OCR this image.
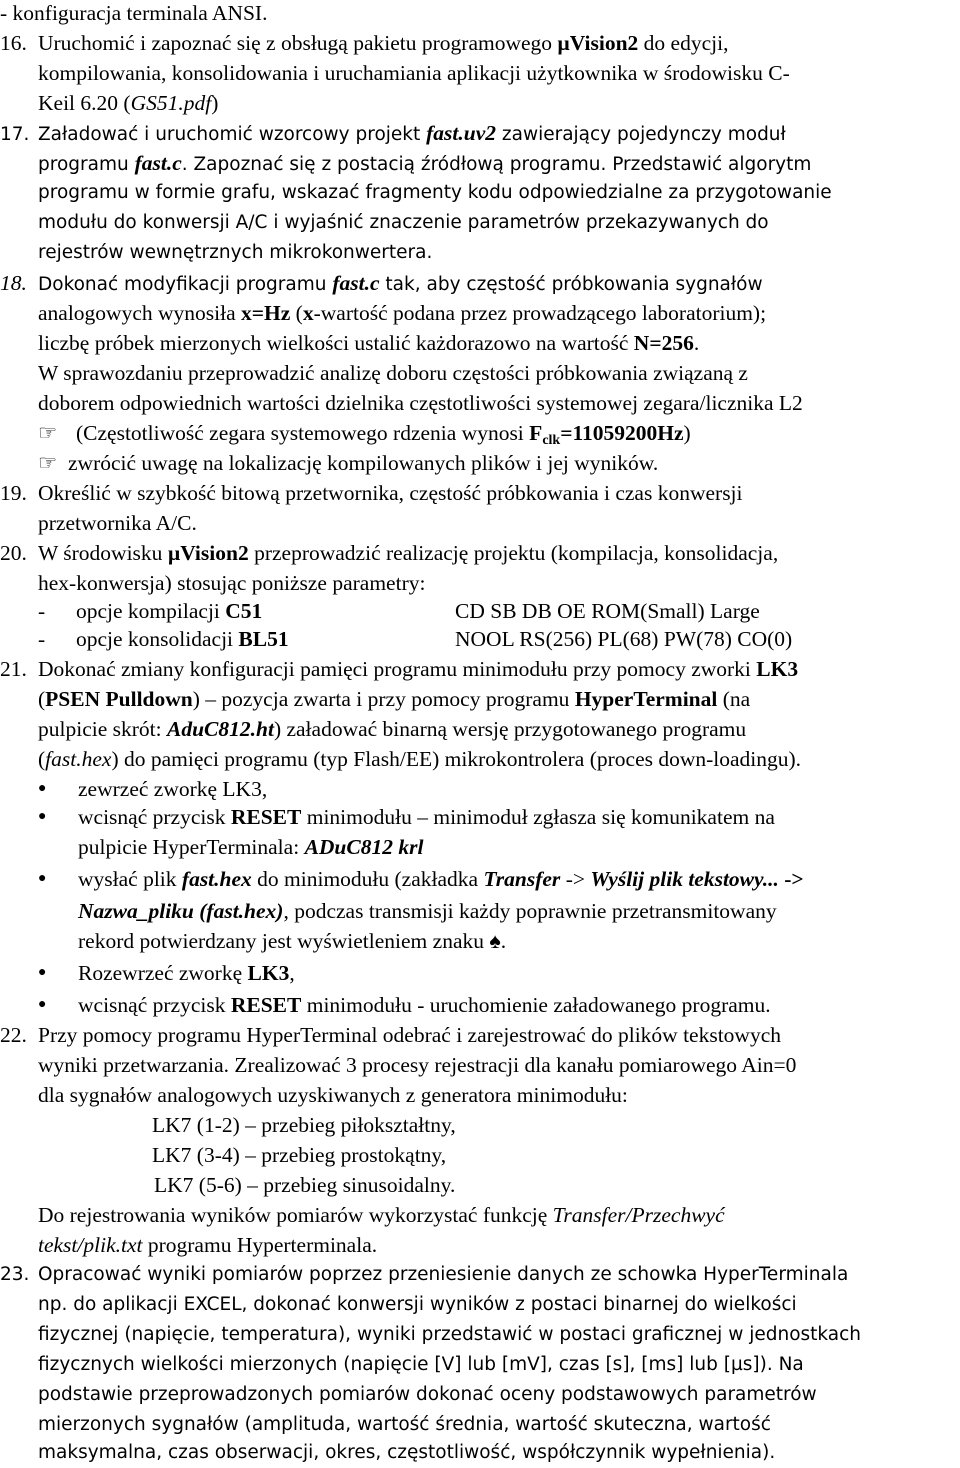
- konfiguracja terminala ANSI.
16. Uruchomić i zapoznać się z obsługą pakietu programowego µVision2 do edycji,
kompilowania, konsolidowania i uruchamiania aplikacji użytkownika w środowisku C-
Keil 6.20 (GS51.pdf)
17. Załadować i uruchomić wzorcowy projekt fast.uv2 zawierający pojedynczy moduł
programu fast.c. Zapoznać się z postacią źródłową programu. Przedstawić algorytm
programu w formie grafu, wskazać fragmenty kodu odpowiedzialne za przygotowanie
modułu do konwersji A/C i wyjaśnić znaczenie parametrów przekazywanych do
rejestrów wewnętrznych mikrokonwertera.
18. Dokonać modyfikacji programu fast.c tak, aby częstość próbkowania sygnałów
analogowych wynosiła x=Hz (x-wartość podana przez prowadzącego laboratorium);
liczbę próbek mierzonych wielkości ustalić każdorazowo na wartość N=256.
W sprawozdaniu przeprowadzić analizę doboru częstości próbkowania związaną z
doborem odpowiednich wartości dzielnika częstotliwości systemowej zegara/licznika L2
☞ (Częstotliwość zegara systemowego rdzenia wynosi $F_{clk}=11059200Hz$)
☞ zwrócić uwagę na lokalizację kompilowanych plików i jej wyników.
19. Określić w szybkość bitową przetwornika, częstość próbkowania i czas konwersji
przetwornika A/C.
20. W środowisku µVision2 przeprowadzić realizację projektu (kompilacja, konsolidacja,
hex-konwersja) stosując poniższe parametry:
- opcje kompilacji C51	CD SB DB OE ROM(Small) Large
- opcje konsolidacji BL51	NOOL RS(256) PL(68) PW(78) CO(0)
21. Dokonać zmiany konfiguracji pamięci programu minimodułu przy pomocy zworki LK3
(PSEN Pulldown) – pozycja zwarta i przy pomocy programu HyperTerminal (na
pulpicie skrót: AduC812.ht) załadować binarną wersję przygotowanego programu
(fast.hex) do pamięci programu (typ Flash/EE) mikrokontrolera (proces down-loadingu).
● zewrzeć zworkę LK3,
● wcisnąć przycisk RESET minimodułu – minimoduł zgłasza się komunikatem na
pulpicie HyperTerminala: ADuC812 krl
● wysłać plik fast.hex do minimodułu (zakładka Transfer -> Wyślij plik tekstowy... ->
Nazwa_pliku (fast.hex), podczas transmisji każdy poprawnie przetransmitowany
rekord potwierdzany jest wyświetleniem znaku ♠.
● Rozewrzeć zworkę LK3,
● wcisnąć przycisk RESET minimodułu - uruchomienie załadowanego programu.
22. Przy pomocy programu HyperTerminal odebrać i zarejestrować do plików tekstowych
wyniki przetwarzania. Zrealizować 3 procesy rejestracji dla kanału pomiarowego Ain=0
dla sygnałów analogowych uzyskiwanych z generatora minimodułu:
LK7 (1-2) – przebieg piłokształtny,
LK7 (3-4) – przebieg prostokątny,
LK7 (5-6) – przebieg sinusoidalny.
Do rejestrowania wyników pomiarów wykorzystać funkcję Transfer/Przechwyć
tekst/plik.txt programu Hyperterminala.
23. Opracować wyniki pomiarów poprzez przeniesienie danych ze schowka HyperTerminala
np. do aplikacji EXCEL, dokonać konwersji wyników z postaci binarnej do wielkości
fizycznej (napięcie, temperatura), wyniki przedstawić w postaci graficznej w jednostkach
fizycznych wielkości mierzonych (napięcie [V] lub [mV], czas [s], [ms] lub [µs]). Na
podstawie przeprowadzonych pomiarów dokonać oceny podstawowych parametrów
mierzonych sygnałów (amplituda, wartość średnia, wartość skuteczna, wartość
maksymalna, czas obserwacji, okres, częstotliwość, współczynnik wypełnienia).
